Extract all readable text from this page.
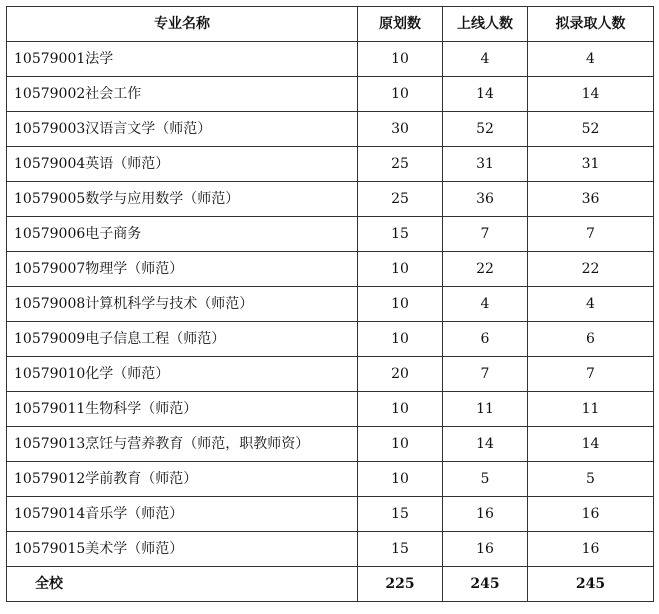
专业名称	原划数	上线人数	拟录取人数
10579001法学	10	4	4
10579002社会工作	10	14	14
10579003汉语言文学（师范）	30	52	52
10579004英语（师范）	25	31	31
10579005数学与应用数学（师范）	25	36	36
10579006电子商务	15	7	7
10579007物理学（师范）	10	22	22
10579008计算机科学与技术（师范）	10	4	4
10579009电子信息工程（师范）	10	6	6
10579010化学（师范）	20	7	7
10579011生物科学（师范）	10	11	11
10579013烹饪与营养教育（师范，职教师资）	10	14	14
10579012学前教育（师范）	10	5	5
10579014音乐学（师范）	15	16	16
10579015美术学（师范）	15	16	16
全校	225	245	245
